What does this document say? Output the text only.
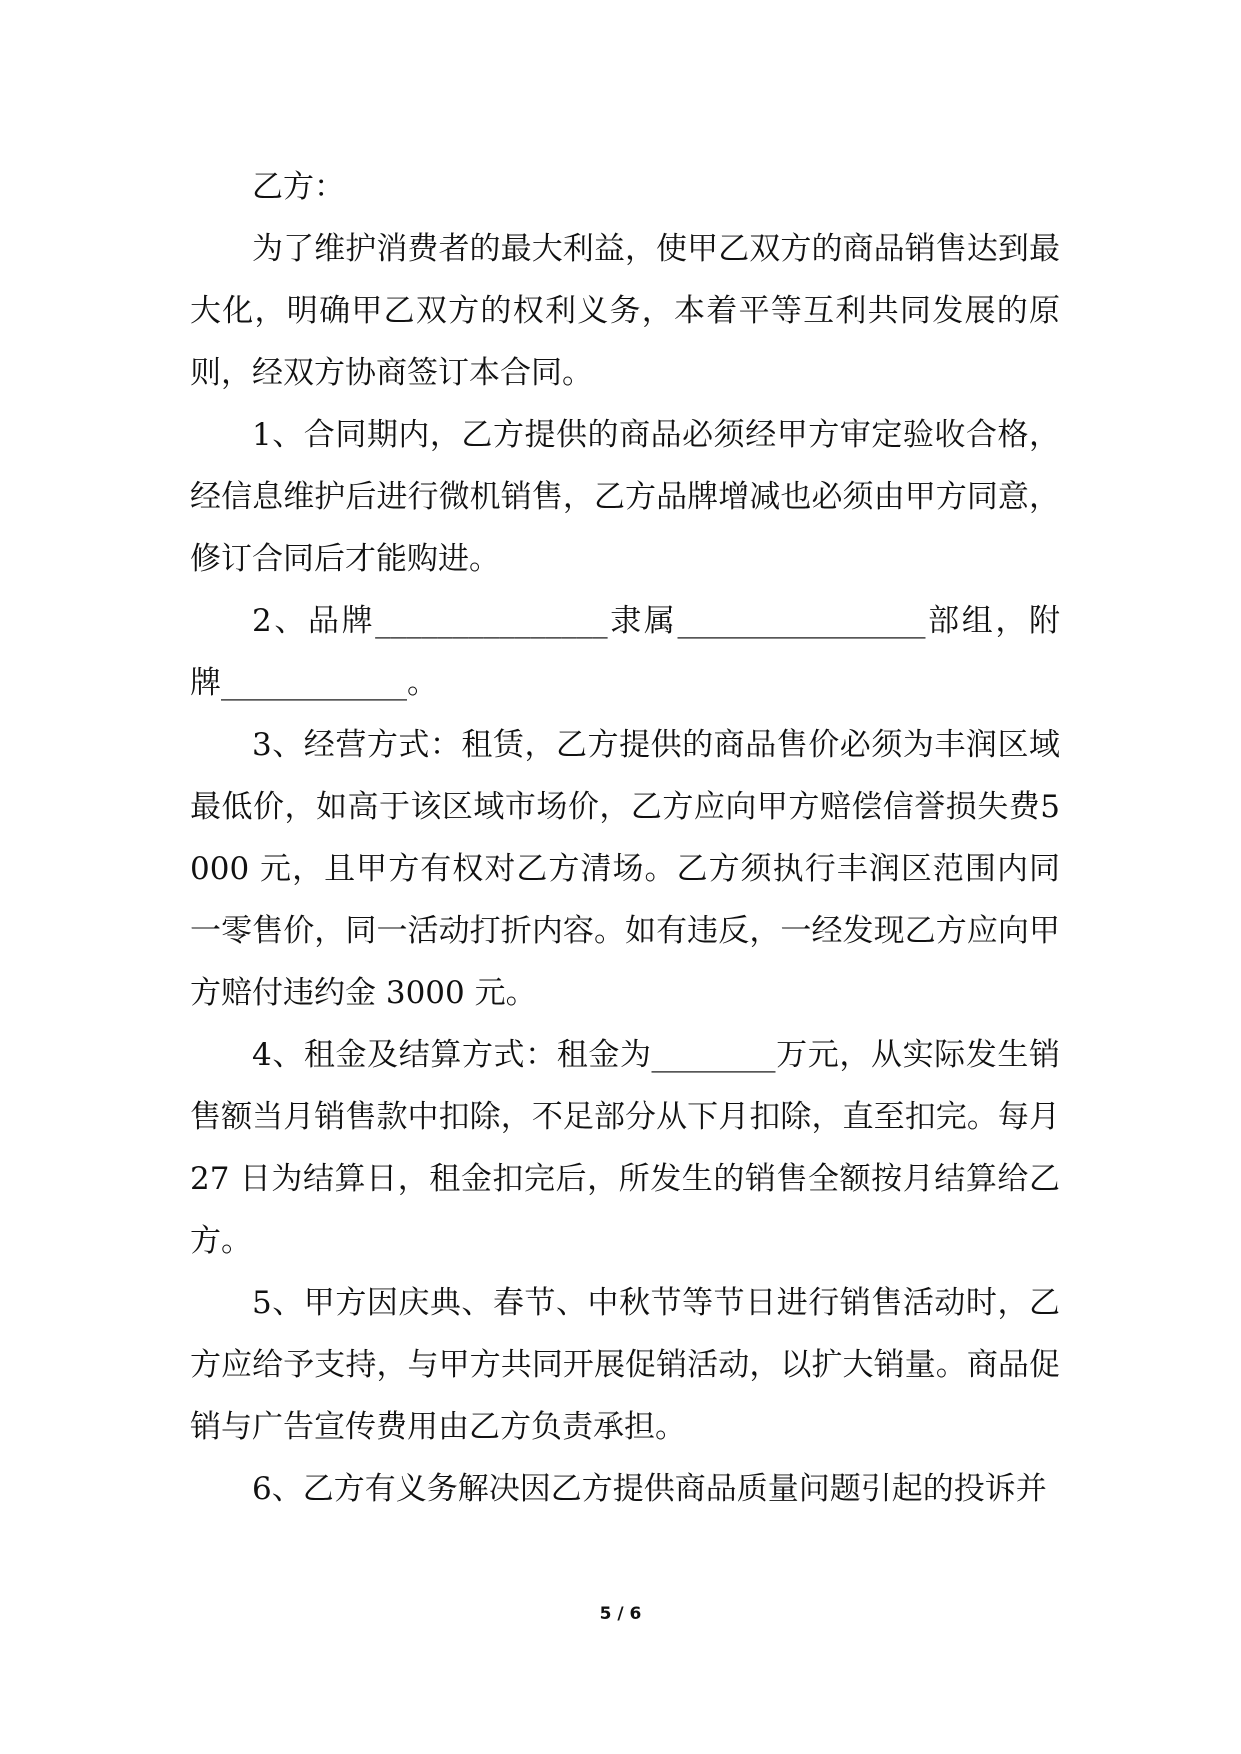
乙方：

为了维护消费者的最大利益，使甲乙双方的商品销售达到最大化，明确甲乙双方的权利义务，本着平等互利共同发展的原则，经双方协商签订本合同。

1、合同期内，乙方提供的商品必须经甲方审定验收合格，经信息维护后进行微机销售，乙方品牌增减也必须由甲方同意，修订合同后才能购进。

2、品牌_______________隶属________________部组，附牌____________。

3、经营方式：租赁，乙方提供的商品售价必须为丰润区域最低价，如高于该区域市场价，乙方应向甲方赔偿信誉损失费5000 元，且甲方有权对乙方清场。乙方须执行丰润区范围内同一零售价，同一活动打折内容。如有违反，一经发现乙方应向甲方赔付违约金 3000 元。

4、租金及结算方式：租金为________万元，从实际发生销售额当月销售款中扣除，不足部分从下月扣除，直至扣完。每月27 日为结算日，租金扣完后，所发生的销售全额按月结算给乙方。

5、甲方因庆典、春节、中秋节等节日进行销售活动时，乙方应给予支持，与甲方共同开展促销活动，以扩大销量。商品促销与广告宣传费用由乙方负责承担。

6、乙方有义务解决因乙方提供商品质量问题引起的投诉并

5 / 6
